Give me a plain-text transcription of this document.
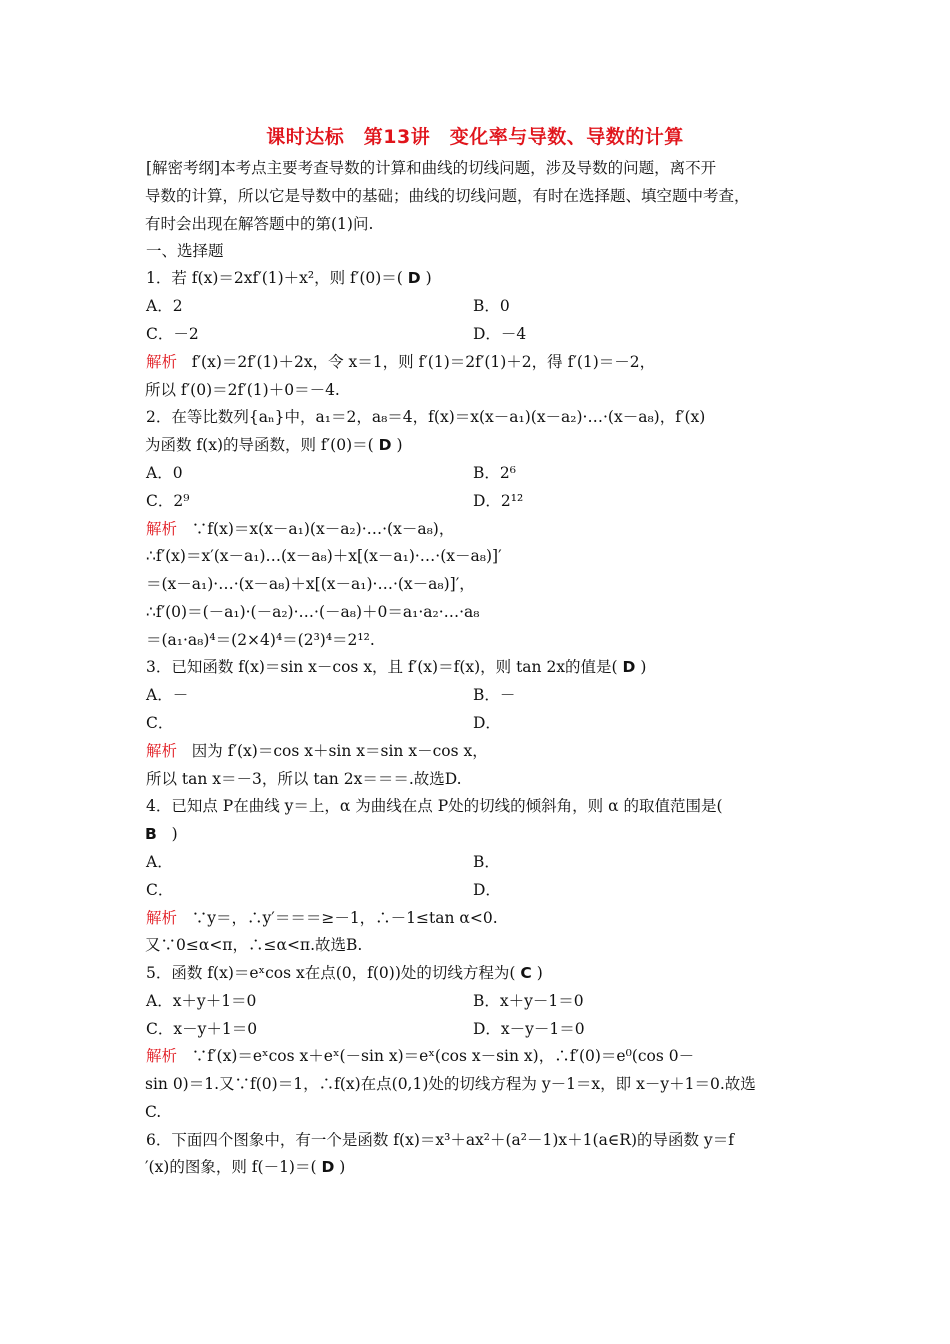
课时达标　第13讲　变化率与导数、导数的计算
[解密考纲]本考点主要考查导数的计算和曲线的切线问题，涉及导数的问题，离不开
导数的计算，所以它是导数中的基础；曲线的切线问题，有时在选择题、填空题中考查，
有时会出现在解答题中的第(1)问.
一、选择题
1．若 f(x)＝2xf′(1)＋x²，则 f′(0)＝( D )
A．2	B．0
C．－2	D．－4
解析 f′(x)＝2f′(1)＋2x，令 x＝1，则 f′(1)＝2f′(1)＋2，得 f′(1)＝－2，
所以 f′(0)＝2f′(1)＋0＝－4.
2．在等比数列{aₙ}中，a₁＝2，a₈＝4，f(x)＝x(x－a₁)(x－a₂)·…·(x－a₈)，f′(x)
为函数 f(x)的导函数，则 f′(0)＝( D )
A．0	B．2⁶
C．2⁹	D．2¹²
解析 ∵f(x)＝x(x－a₁)(x－a₂)·…·(x－a₈)，
∴f′(x)＝x′(x－a₁)…(x－a₈)＋x[(x－a₁)·…·(x－a₈)]′
＝(x－a₁)·…·(x－a₈)＋x[(x－a₁)·…·(x－a₈)]′，
∴f′(0)＝(－a₁)·(－a₂)·…·(－a₈)＋0＝a₁·a₂·…·a₈
＝(a₁·a₈)⁴＝(2×4)⁴＝(2³)⁴＝2¹².
3．已知函数 f(x)＝sin x－cos x，且 f′(x)＝f(x)，则 tan 2x的值是( D )
A．－	B．－
C．	D．
解析 因为 f′(x)＝cos x＋sin x＝sin x－cos x，
所以 tan x＝－3，所以 tan 2x＝＝＝.故选D.
4．已知点 P在曲线 y＝上，α 为曲线在点 P处的切线的倾斜角，则 α 的取值范围是(
B )
A．	B．
C．	D．
解析 ∵y＝，∴y′＝＝＝≥－1，∴－1≤tan α<0.
又∵0≤α<π，∴≤α<π.故选B.
5．函数 f(x)＝eˣcos x在点(0，f(0))处的切线方程为( C )
A．x＋y＋1＝0	B．x＋y－1＝0
C．x－y＋1＝0	D．x－y－1＝0
解析 ∵f′(x)＝eˣcos x＋eˣ(－sin x)＝eˣ(cos x－sin x)，∴f′(0)＝e⁰(cos 0－
sin 0)＝1.又∵f(0)＝1，∴f(x)在点(0,1)处的切线方程为 y－1＝x，即 x－y＋1＝0.故选
C.
6．下面四个图象中，有一个是函数 f(x)＝x³＋ax²＋(a²－1)x＋1(a∈R)的导函数 y＝f
′(x)的图象，则 f(－1)＝( D )
